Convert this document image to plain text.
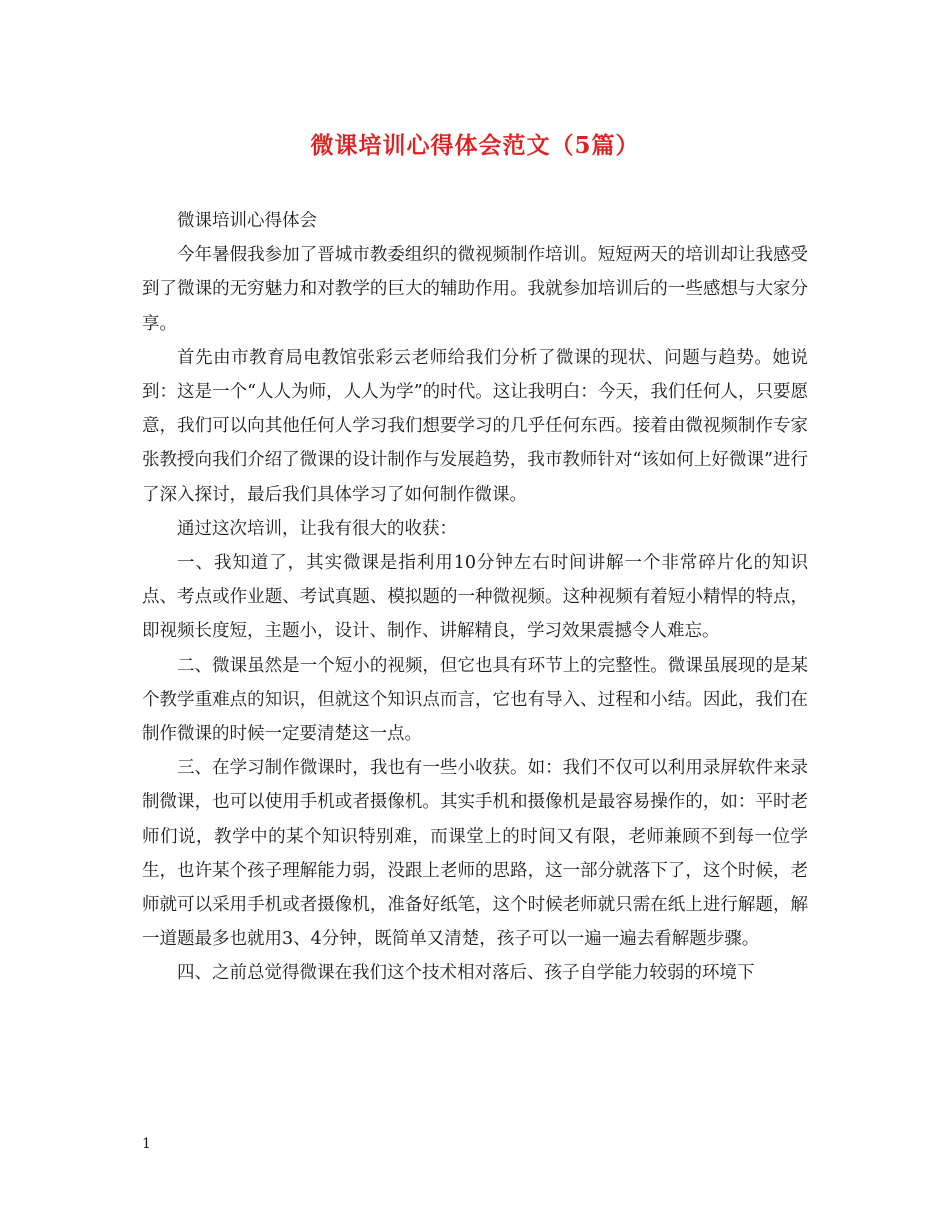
微课培训心得体会范文（5篇）

微课培训心得体会

今年暑假我参加了晋城市教委组织的微视频制作培训。短短两天的培训却让我感受到了微课的无穷魅力和对教学的巨大的辅助作用。我就参加培训后的一些感想与大家分享。

首先由市教育局电教馆张彩云老师给我们分析了微课的现状、问题与趋势。她说到：这是一个“人人为师，人人为学”的时代。这让我明白：今天，我们任何人，只要愿意，我们可以向其他任何人学习我们想要学习的几乎任何东西。接着由微视频制作专家张教授向我们介绍了微课的设计制作与发展趋势，我市教师针对“该如何上好微课”进行了深入探讨，最后我们具体学习了如何制作微课。

通过这次培训，让我有很大的收获：

一、我知道了，其实微课是指利用10分钟左右时间讲解一个非常碎片化的知识点、考点或作业题、考试真题、模拟题的一种微视频。这种视频有着短小精悍的特点，即视频长度短，主题小，设计、制作、讲解精良，学习效果震撼令人难忘。

二、微课虽然是一个短小的视频，但它也具有环节上的完整性。微课虽展现的是某个教学重难点的知识，但就这个知识点而言，它也有导入、过程和小结。因此，我们在制作微课的时候一定要清楚这一点。

三、在学习制作微课时，我也有一些小收获。如：我们不仅可以利用录屏软件来录制微课，也可以使用手机或者摄像机。其实手机和摄像机是最容易操作的，如：平时老师们说，教学中的某个知识特别难，而课堂上的时间又有限，老师兼顾不到每一位学生，也许某个孩子理解能力弱，没跟上老师的思路，这一部分就落下了，这个时候，老师就可以采用手机或者摄像机，准备好纸笔，这个时候老师就只需在纸上进行解题，解一道题最多也就用3、4分钟，既简单又清楚，孩子可以一遍一遍去看解题步骤。

四、之前总觉得微课在我们这个技术相对落后、孩子自学能力较弱的环境下

1
